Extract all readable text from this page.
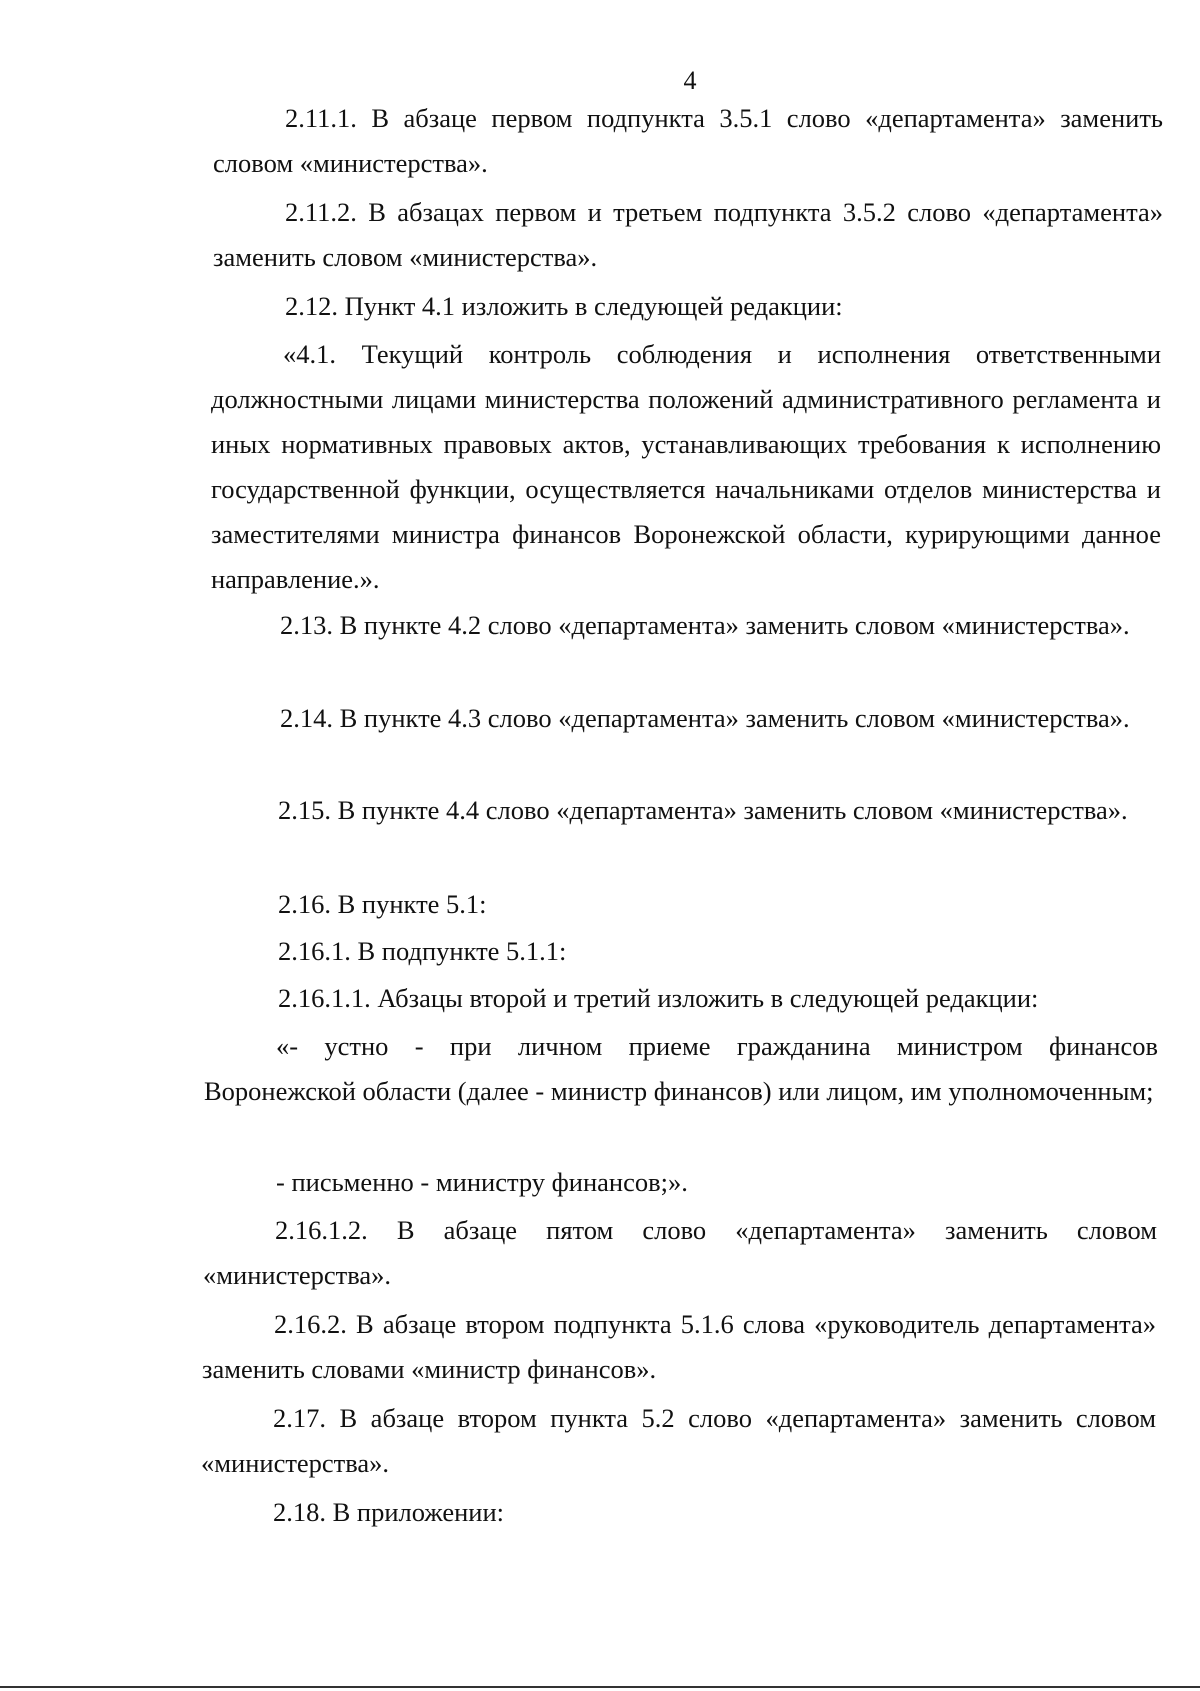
4

2.11.1. В абзаце первом подпункта 3.5.1 слово «департамента» заменить словом «министерства».

2.11.2. В абзацах первом и третьем подпункта 3.5.2 слово «департамента» заменить словом «министерства».

2.12. Пункт 4.1 изложить в следующей редакции:

«4.1. Текущий контроль соблюдения и исполнения ответственными должностными лицами министерства положений административного регламента и иных нормативных правовых актов, устанавливающих требования к исполнению государственной функции, осуществляется начальниками отделов министерства и заместителями министра финансов Воронежской области, курирующими данное направление.».

2.13. В пункте 4.2 слово «департамента» заменить словом «министерства».

2.14. В пункте 4.3 слово «департамента» заменить словом «министерства».

2.15. В пункте 4.4 слово «департамента» заменить словом «министерства».

2.16. В пункте 5.1:

2.16.1. В подпункте 5.1.1:

2.16.1.1. Абзацы второй и третий изложить в следующей редакции:

«- устно - при личном приеме гражданина министром финансов Воронежской области (далее - министр финансов) или лицом, им уполномоченным;

- письменно - министру финансов;».

2.16.1.2. В абзаце пятом слово «департамента» заменить словом «министерства».

2.16.2. В абзаце втором подпункта 5.1.6 слова «руководитель департамента» заменить словами «министр финансов».

2.17. В абзаце втором пункта 5.2 слово «департамента» заменить словом «министерства».

2.18. В приложении:
